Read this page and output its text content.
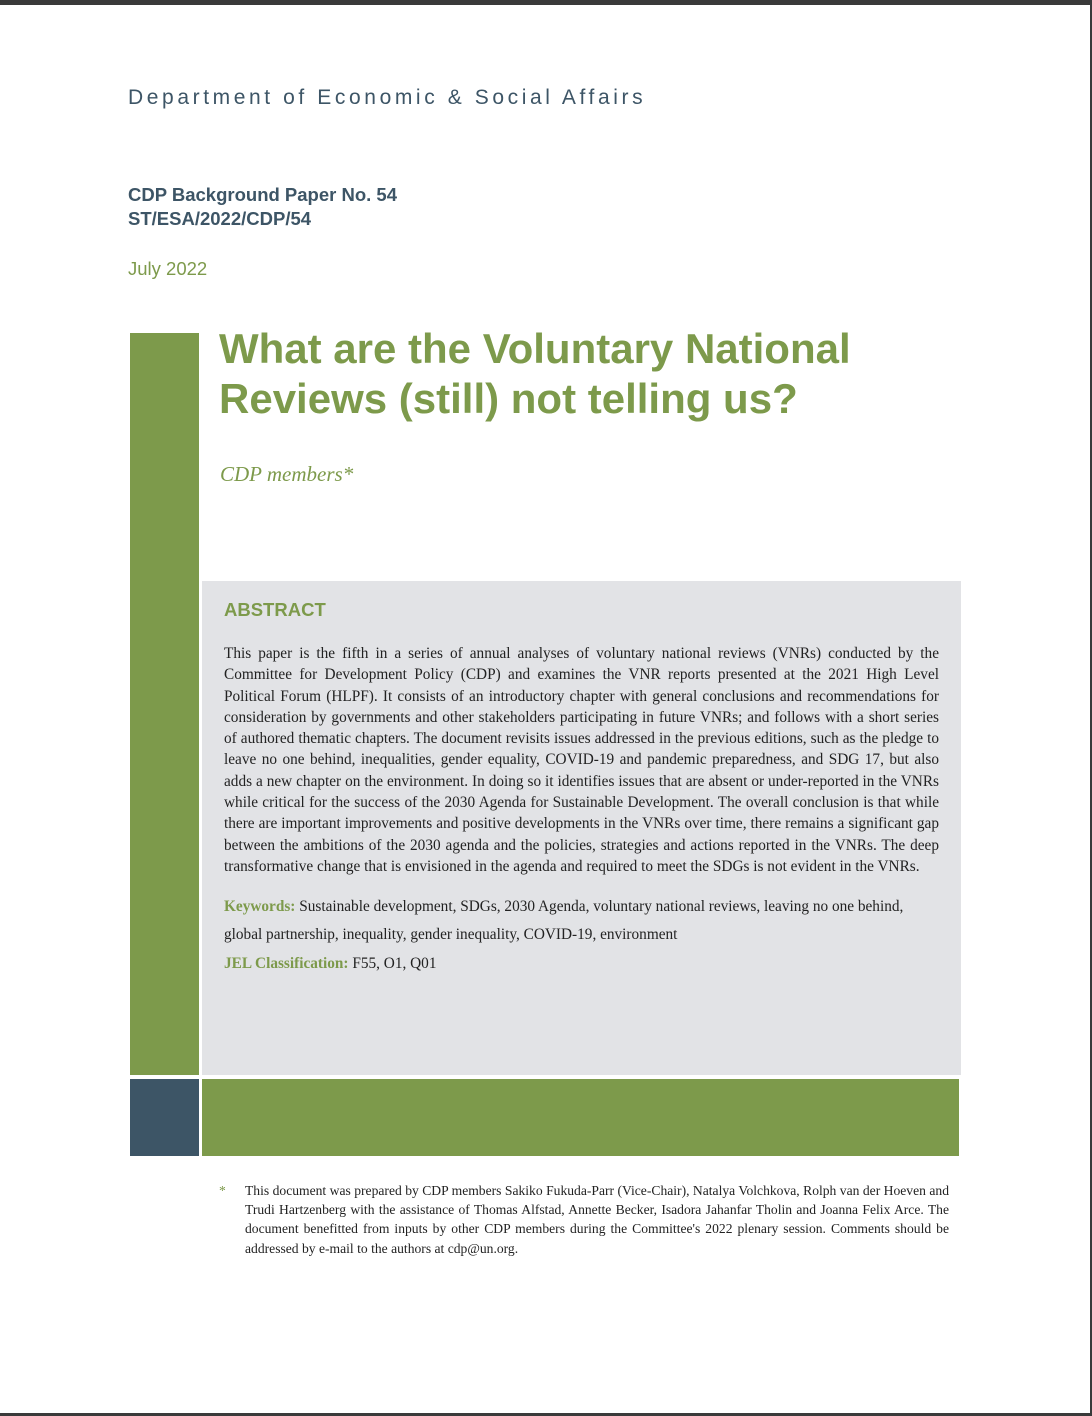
Department of Economic & Social Affairs
CDP Background Paper No. 54
ST/ESA/2022/CDP/54
July 2022
What are the Voluntary National
Reviews (still) not telling us?
CDP members*
ABSTRACT

This paper is the fifth in a series of annual analyses of voluntary national reviews (VNRs) conducted by the Committee for Development Policy (CDP) and examines the VNR reports presented at the 2021 High Level Political Forum (HLPF). It consists of an introductory chapter with general conclusions and recommendations for consideration by governments and other stakeholders participating in future VNRs; and follows with a short series of authored thematic chapters. The document revisits issues addressed in the previous editions, such as the pledge to leave no one behind, inequalities, gender equality, COVID-19 and pandemic preparedness, and SDG 17, but also adds a new chapter on the environment. In doing so it identifies issues that are absent or under-reported in the VNRs while critical for the success of the 2030 Agenda for Sustainable Development. The overall conclusion is that while there are important improvements and positive developments in the VNRs over time, there remains a significant gap between the ambitions of the 2030 agenda and the policies, strategies and actions reported in the VNRs. The deep transformative change that is envisioned in the agenda and required to meet the SDGs is not evident in the VNRs.

Keywords: Sustainable development, SDGs, 2030 Agenda, voluntary national reviews, leaving no one behind, global partnership, inequality, gender inequality, COVID-19, environment

JEL Classification: F55, O1, Q01

* This document was prepared by CDP members Sakiko Fukuda-Parr (Vice-Chair), Natalya Volchkova, Rolph van der Hoeven and Trudi Hartzenberg with the assistance of Thomas Alfstad, Annette Becker, Isadora Jahanfar Tholin and Joanna Felix Arce. The document benefitted from inputs by other CDP members during the Committee's 2022 plenary session. Comments should be addressed by e-mail to the authors at cdp@un.org.
